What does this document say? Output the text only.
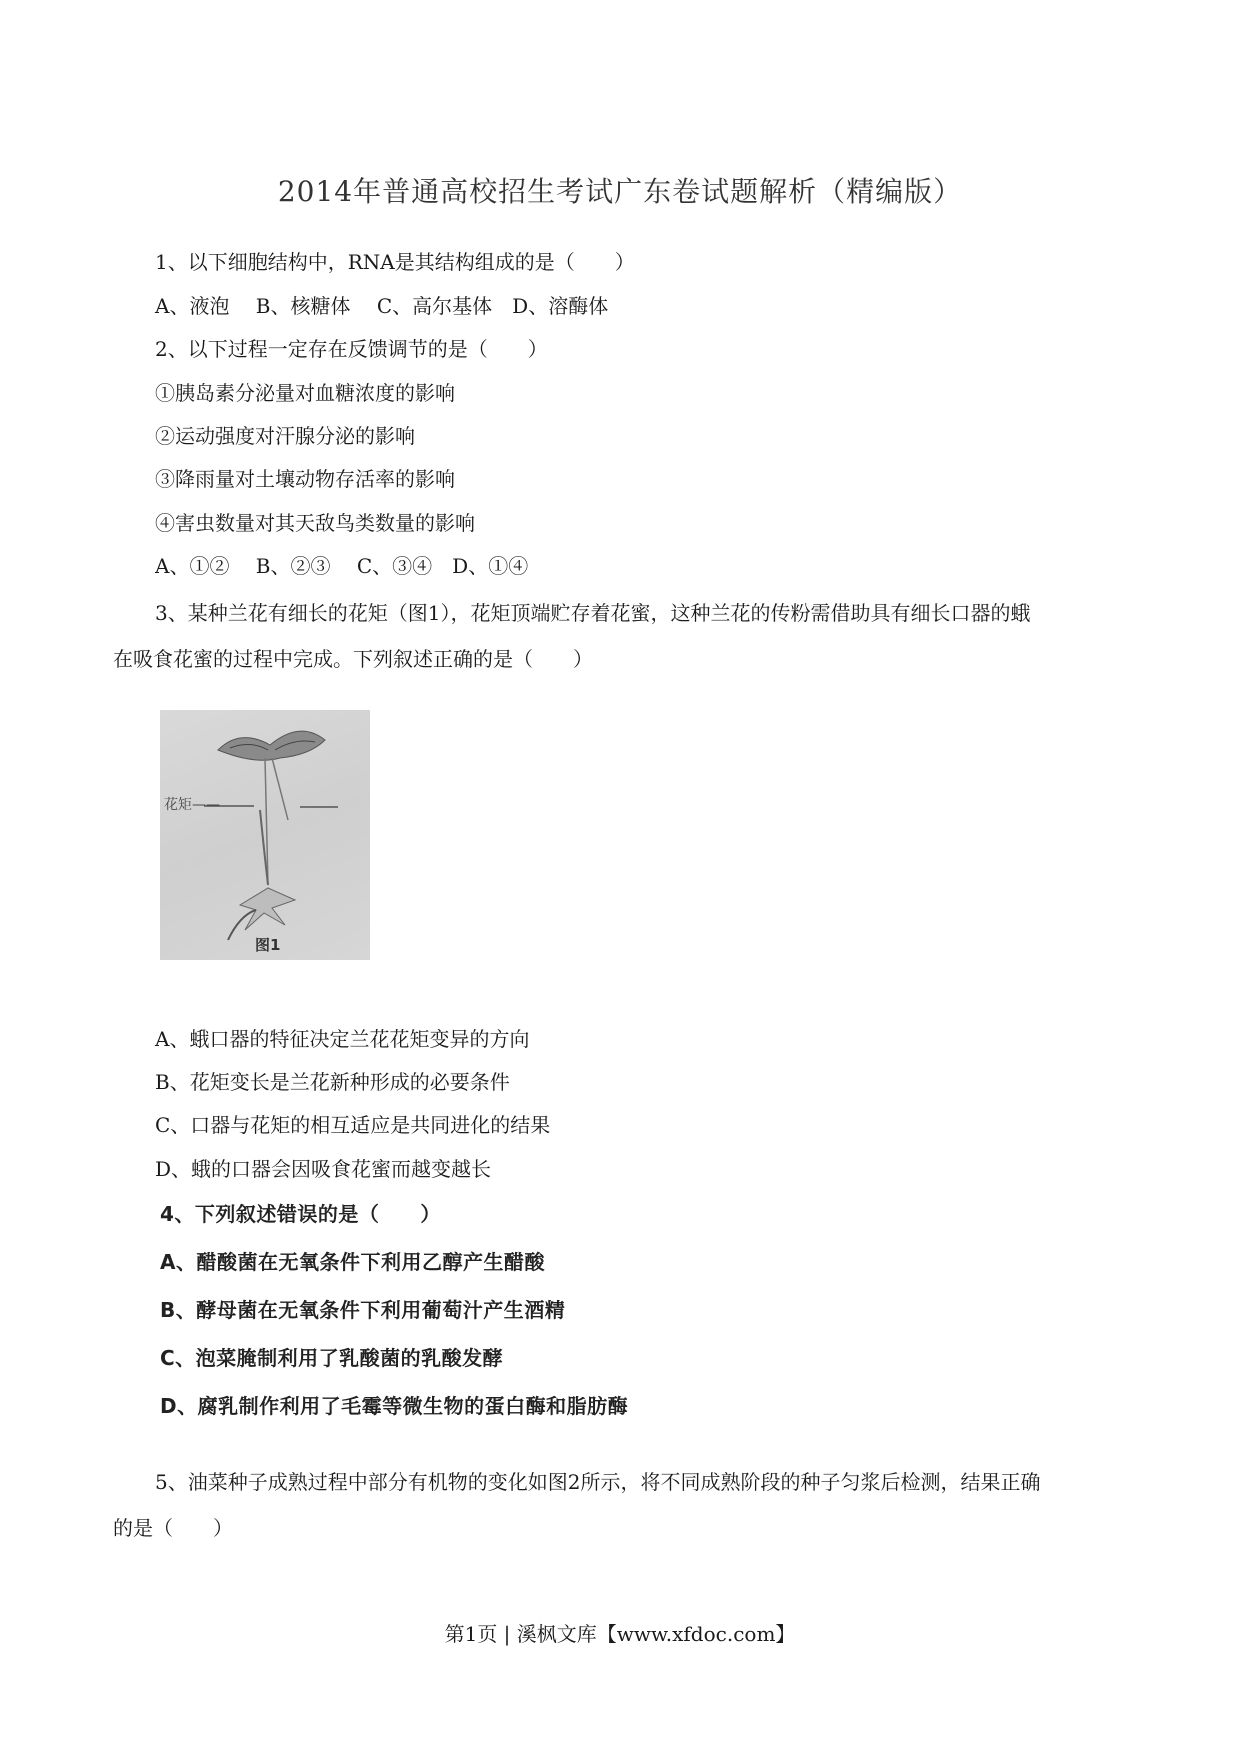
2014年普通高校招生考试广东卷试题解析（精编版）
1、以下细胞结构中，RNA是其结构组成的是（　　）
A、液泡　 B、核糖体　 C、高尔基体　D、溶酶体
2、以下过程一定存在反馈调节的是（　　）
①胰岛素分泌量对血糖浓度的影响
②运动强度对汗腺分泌的影响
③降雨量对土壤动物存活率的影响
④害虫数量对其天敌鸟类数量的影响
A、①②　 B、②③　 C、③④　D、①④
3、某种兰花有细长的花矩（图1），花矩顶端贮存着花蜜，这种兰花的传粉需借助具有细长口器的蛾
在吸食花蜜的过程中完成。下列叙述正确的是（　　）
花矩——
图1
A、蛾口器的特征决定兰花花矩变异的方向
B、花矩变长是兰花新种形成的必要条件
C、口器与花矩的相互适应是共同进化的结果
D、蛾的口器会因吸食花蜜而越变越长
4、下列叙述错误的是（　　）
A、醋酸菌在无氧条件下利用乙醇产生醋酸
B、酵母菌在无氧条件下利用葡萄汁产生酒精
C、泡菜腌制利用了乳酸菌的乳酸发酵
D、腐乳制作利用了毛霉等微生物的蛋白酶和脂肪酶
5、油菜种子成熟过程中部分有机物的变化如图2所示，将不同成熟阶段的种子匀浆后检测，结果正确
的是（　　）
第1页 | 溪枫文库【www.xfdoc.com】
